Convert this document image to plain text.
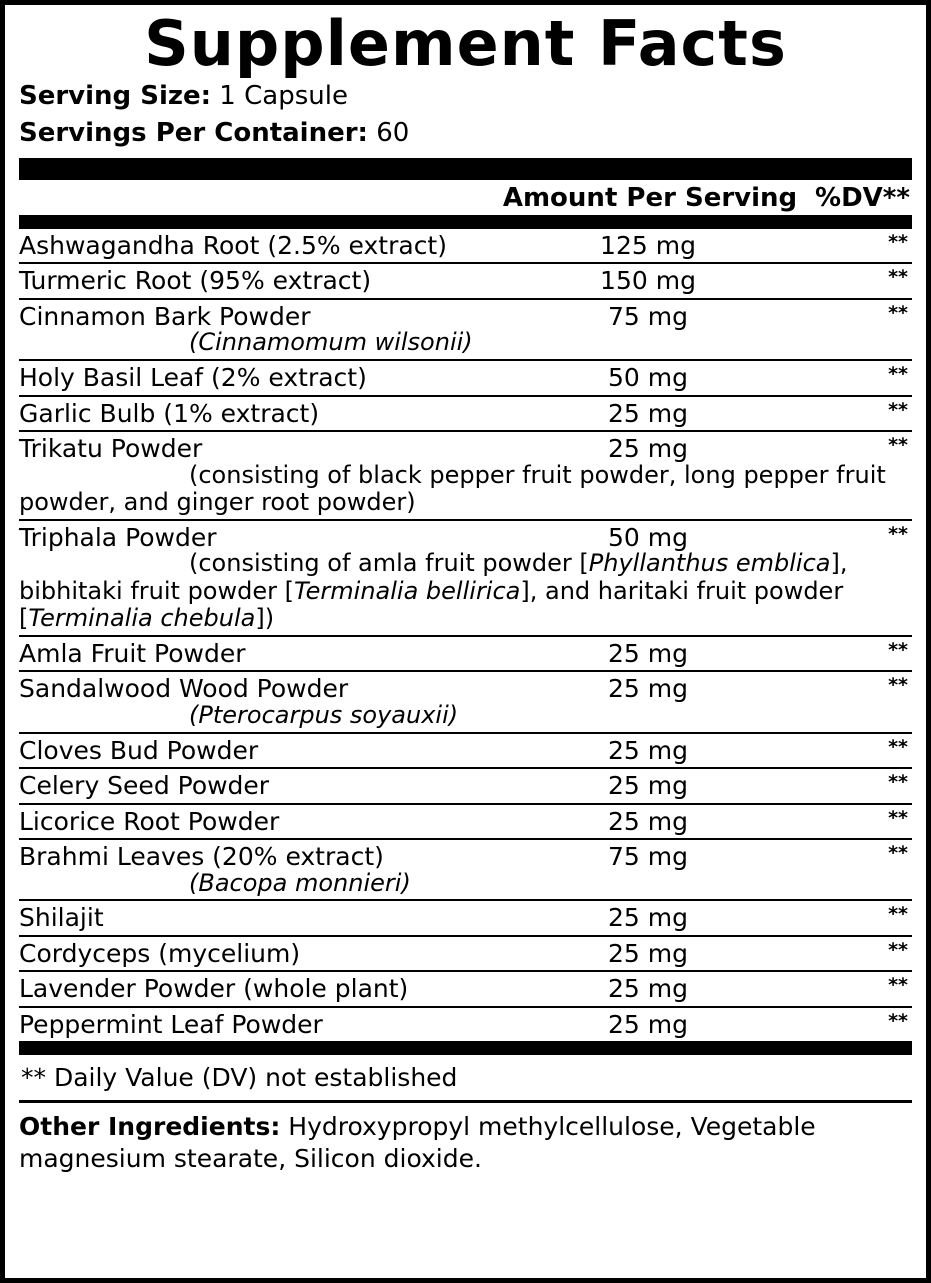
Supplement Facts
Serving Size: 1 Capsule
Servings Per Container: 60
Amount Per Serving %DV**
Ashwagandha Root (2.5% extract)	125 mg	**
Turmeric Root (95% extract)	150 mg	**
Cinnamon Bark Powder	75 mg	**
(Cinnamomum wilsonii)
Holy Basil Leaf (2% extract)	50 mg	**
Garlic Bulb (1% extract)	25 mg	**
Trikatu Powder	25 mg	**
(consisting of black pepper fruit powder, long pepper fruit powder, and ginger root powder)
Triphala Powder	50 mg	**
(consisting of amla fruit powder [Phyllanthus emblica], bibhitaki fruit powder [Terminalia bellirica], and haritaki fruit powder [Terminalia chebula])
Amla Fruit Powder	25 mg	**
Sandalwood Wood Powder	25 mg	**
(Pterocarpus soyauxii)
Cloves Bud Powder	25 mg	**
Celery Seed Powder	25 mg	**
Licorice Root Powder	25 mg	**
Brahmi Leaves (20% extract)	75 mg	**
(Bacopa monnieri)
Shilajit	25 mg	**
Cordyceps (mycelium)	25 mg	**
Lavender Powder (whole plant)	25 mg	**
Peppermint Leaf Powder	25 mg	**
** Daily Value (DV) not established
Other Ingredients: Hydroxypropyl methylcellulose, Vegetable magnesium stearate, Silicon dioxide.
